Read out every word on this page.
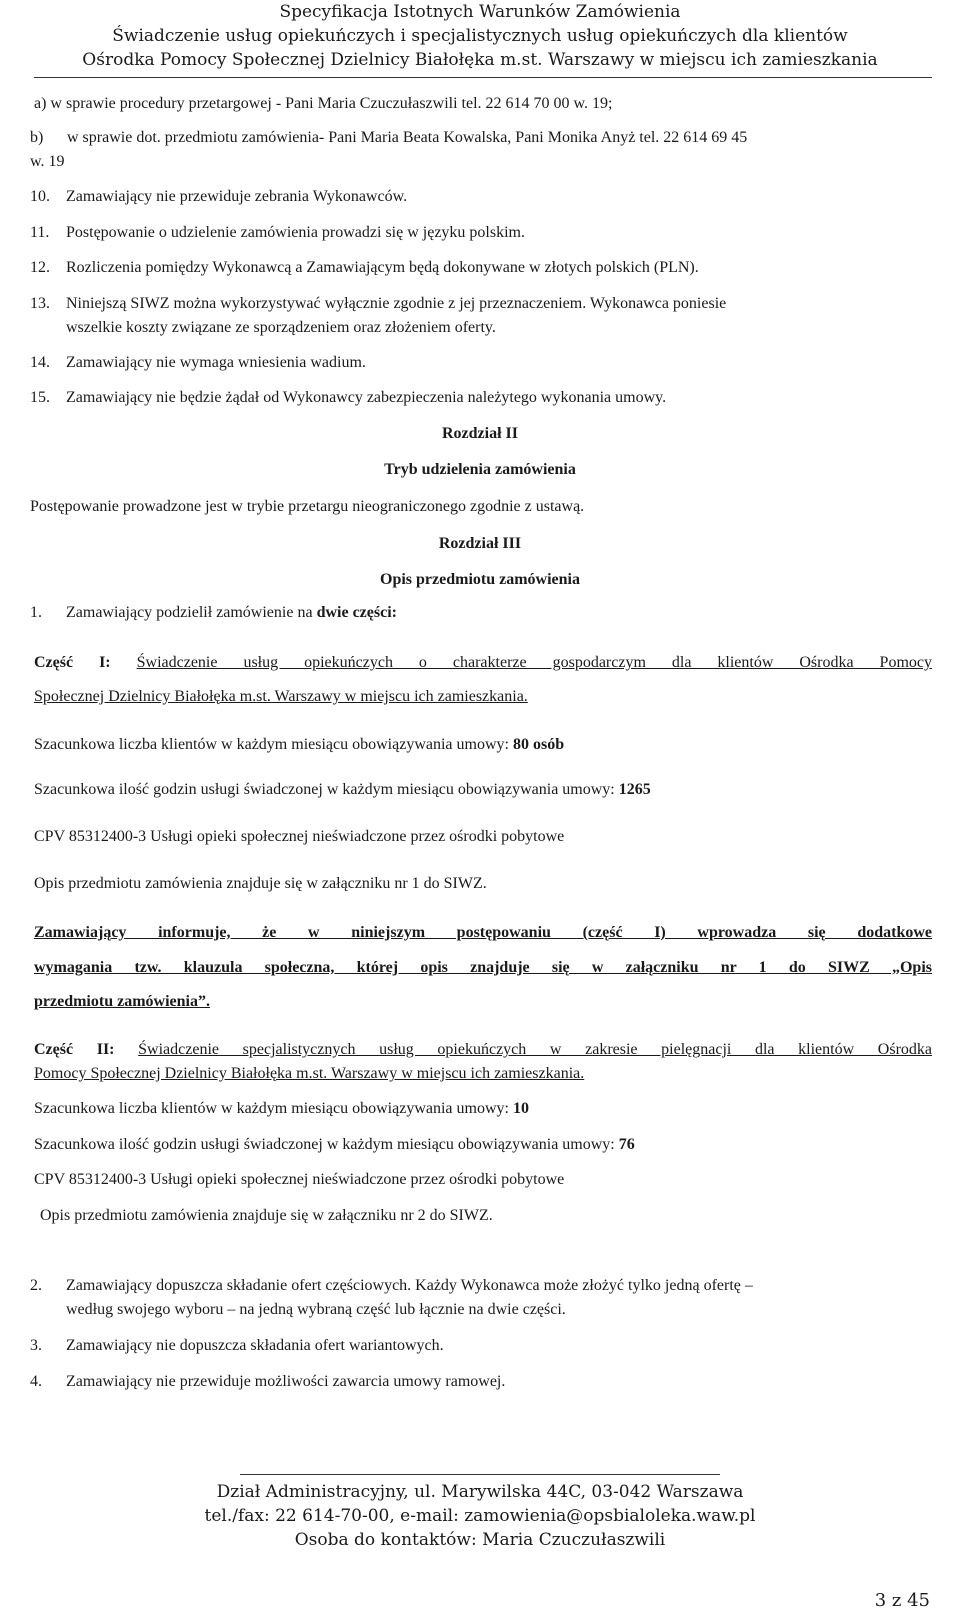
Specyfikacja Istotnych Warunków Zamówienia
Świadczenie usług opiekuńczych i specjalistycznych usług opiekuńczych dla klientów
Ośrodka Pomocy Społecznej Dzielnicy Białołęka m.st. Warszawy w miejscu ich zamieszkania
a) w sprawie procedury przetargowej - Pani Maria Czuczułaszwili tel. 22 614 70 00 w. 19;
b) w sprawie dot. przedmiotu zamówienia- Pani Maria Beata Kowalska, Pani Monika Anyż tel. 22 614 69 45
w. 19
10. Zamawiający nie przewiduje zebrania Wykonawców.
11. Postępowanie o udzielenie zamówienia prowadzi się w języku polskim.
12. Rozliczenia pomiędzy Wykonawcą a Zamawiającym będą dokonywane w złotych polskich (PLN).
13. Niniejszą SIWZ można wykorzystywać wyłącznie zgodnie z jej przeznaczeniem. Wykonawca poniesie
wszelkie koszty związane ze sporządzeniem oraz złożeniem oferty.
14. Zamawiający nie wymaga wniesienia wadium.
15. Zamawiający nie będzie żądał od Wykonawcy zabezpieczenia należytego wykonania umowy.
Rozdział II
Tryb udzielenia zamówienia
Postępowanie prowadzone jest w trybie przetargu nieograniczonego zgodnie z ustawą.
Rozdział III
Opis przedmiotu zamówienia
1. Zamawiający podzielił zamówienie na dwie części:
Część I: Świadczenie usług opiekuńczych o charakterze gospodarczym dla klientów Ośrodka Pomocy
Społecznej Dzielnicy Białołęka m.st. Warszawy w miejscu ich zamieszkania.
Szacunkowa liczba klientów w każdym miesiącu obowiązywania umowy: 80 osób
Szacunkowa ilość godzin usługi świadczonej w każdym miesiącu obowiązywania umowy: 1265
CPV 85312400-3 Usługi opieki społecznej nieświadczone przez ośrodki pobytowe
Opis przedmiotu zamówienia znajduje się w załączniku nr 1 do SIWZ.
Zamawiający informuje, że w niniejszym postępowaniu (część I) wprowadza się dodatkowe
wymagania tzw. klauzula społeczna, której opis znajduje się w załączniku nr 1 do SIWZ „Opis
przedmiotu zamówienia”.
Część II: Świadczenie specjalistycznych usług opiekuńczych w zakresie pielęgnacji dla klientów Ośrodka
Pomocy Społecznej Dzielnicy Białołęka m.st. Warszawy w miejscu ich zamieszkania.
Szacunkowa liczba klientów w każdym miesiącu obowiązywania umowy: 10
Szacunkowa ilość godzin usługi świadczonej w każdym miesiącu obowiązywania umowy: 76
CPV 85312400-3 Usługi opieki społecznej nieświadczone przez ośrodki pobytowe
Opis przedmiotu zamówienia znajduje się w załączniku nr 2 do SIWZ.
2. Zamawiający dopuszcza składanie ofert częściowych. Każdy Wykonawca może złożyć tylko jedną ofertę –
według swojego wyboru – na jedną wybraną część lub łącznie na dwie części.
3. Zamawiający nie dopuszcza składania ofert wariantowych.
4. Zamawiający nie przewiduje możliwości zawarcia umowy ramowej.
Dział Administracyjny, ul. Marywilska 44C, 03-042 Warszawa
tel./fax: 22 614-70-00, e-mail: zamowienia@opsbialoleka.waw.pl
Osoba do kontaktów: Maria Czuczułaszwili
3 z 45
